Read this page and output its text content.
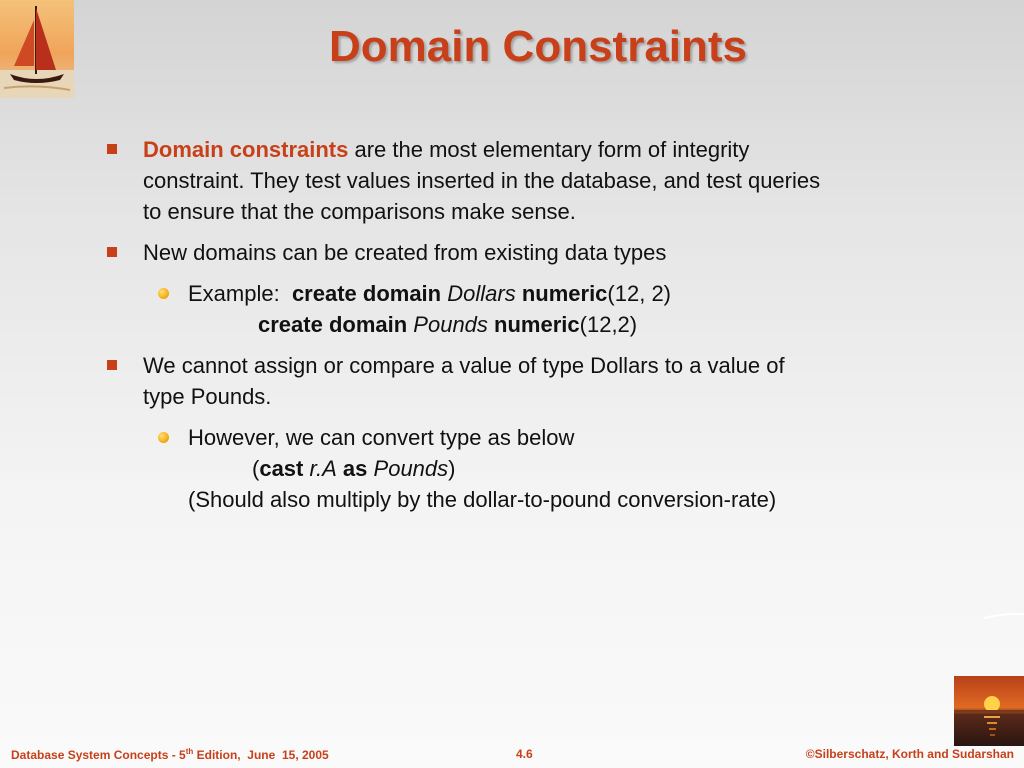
Domain Constraints
Domain constraints are the most elementary form of integrity
constraint. They test values inserted in the database, and test queries
to ensure that the comparisons make sense.
New domains can be created from existing data types
Example:  create domain Dollars numeric(12, 2)
create domain Pounds numeric(12,2)
We cannot assign or compare a value of type Dollars to a value of
type Pounds.
However, we can convert type as below
(cast r.A as Pounds)
(Should also multiply by the dollar-to-pound conversion-rate)
Database System Concepts - 5th Edition,  June  15, 2005	4.6	©Silberschatz, Korth and Sudarshan
